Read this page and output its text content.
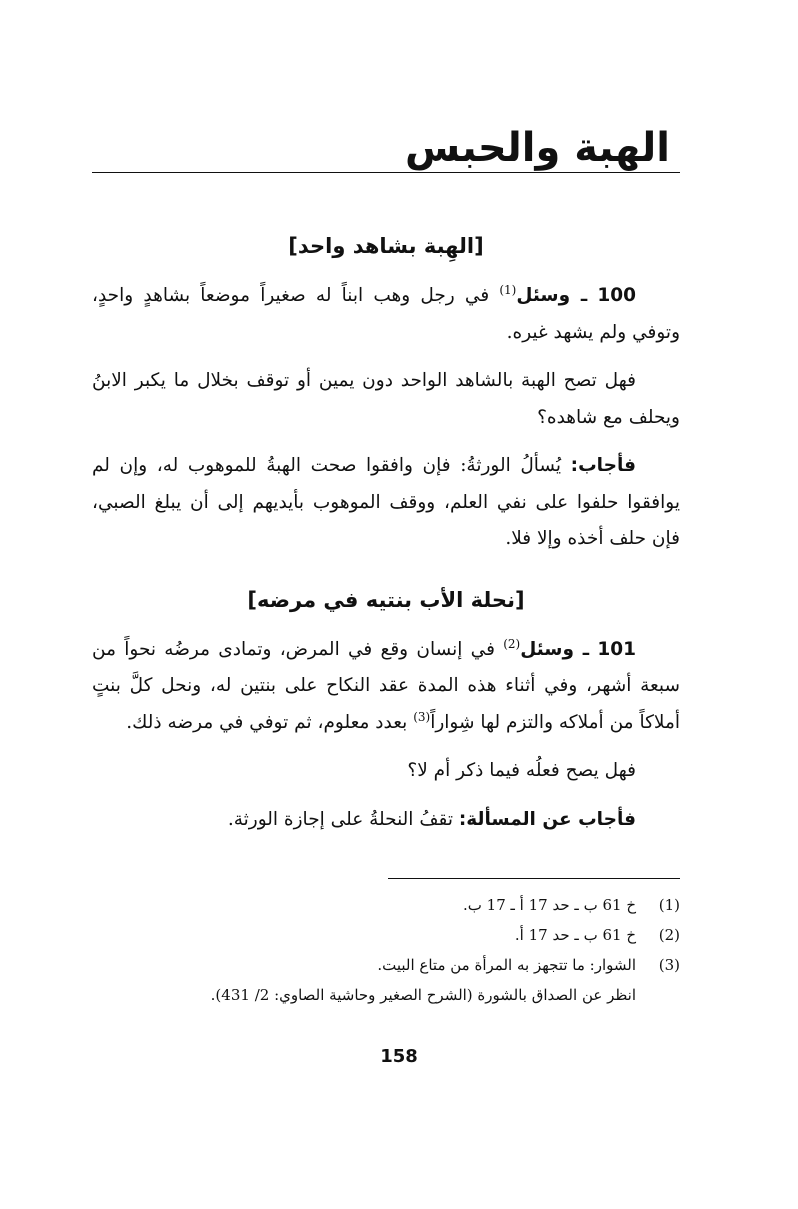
الهبة والحبس
[الهِبة بشاهد واحد]

100 ـ وسئل$^{(1)}$ في رجل وهب ابناً له صغيراً موضعاً بشاهدٍ واحدٍ، وتوفي ولم يشهد غيره.

فهل تصح الهبة بالشاهد الواحد دون يمين أو توقف بخلال ما يكبر الابنُ ويحلف مع شاهده؟

فأجاب: يُسألُ الورثةُ: فإن وافقوا صحت الهبةُ للموهوب له، وإن لم يوافقوا حلفوا على نفي العلم، ووقف الموهوب بأيديهم إلى أن يبلغ الصبي، فإن حلف أخذه وإلا فلا.

[نحلة الأب بنتيه في مرضه]

101 ـ وسئل$^{(2)}$ في إنسان وقع في المرض، وتمادى مرضُه نحواً من سبعة أشهر، وفي أثناء هذه المدة عقد النكاح على بنتين له، ونحل كلَّ بنتٍ أملاكاً من أملاكه والتزم لها شِواراً$^{(3)}$ بعدد معلوم، ثم توفي في مرضه ذلك.

فهل يصح فعلُه فيما ذكر أم لا؟

فأجاب عن المسألة: تقفُ النحلةُ على إجازة الورثة.

(1)
خ 61 ب ـ حد 17 أ ـ 17 ب.
(2)
خ 61 ب ـ حد 17 أ.
(3)
الشوار: ما تتجهز به المرأة من متاع البيت.
انظر عن الصداق بالشورة (الشرح الصغير وحاشية الصاوي: 2/ 431).
158
